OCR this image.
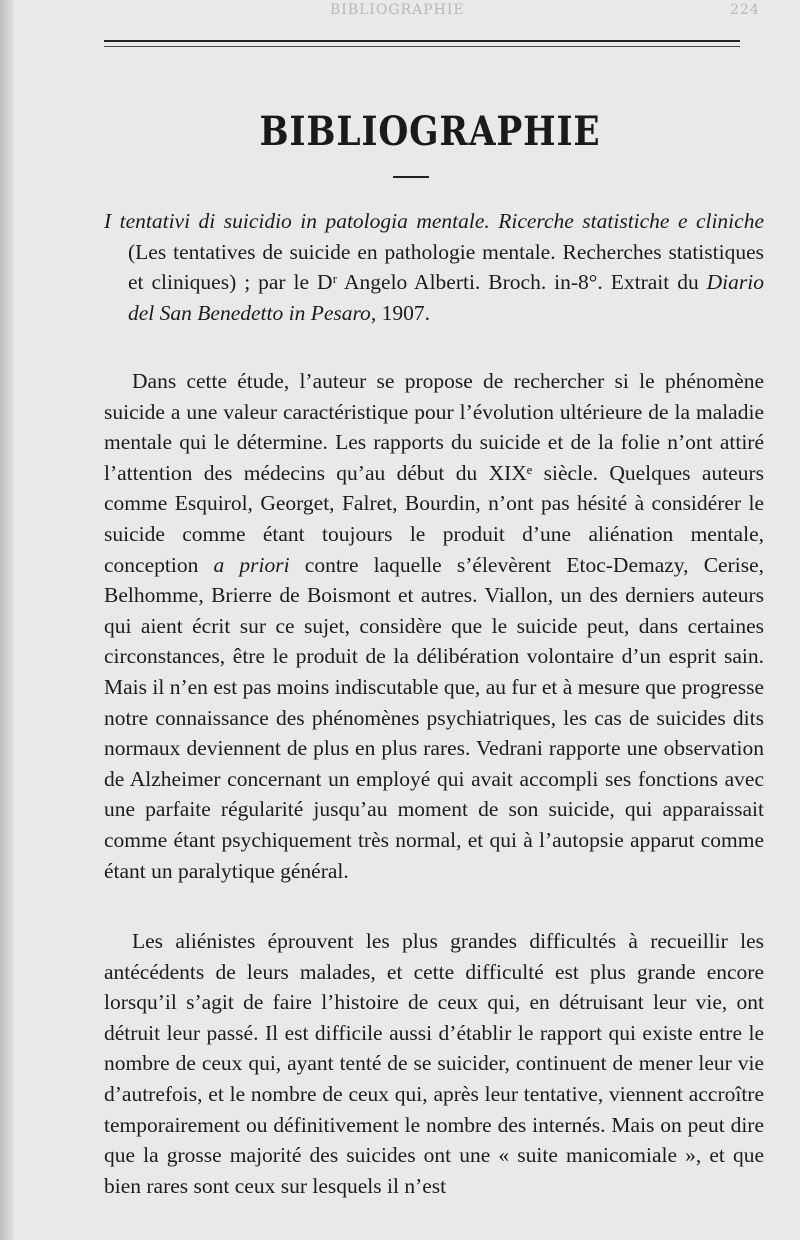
BIBLIOGRAPHIE	224
BIBLIOGRAPHIE

I tentativi di suicidio in patologia mentale. Ricerche statistiche e cliniche (Les tentatives de suicide en pathologie mentale. Recherches statistiques et cliniques) ; par le Dʳ Angelo Alberti. Broch. in-8°. Extrait du Diario del San Benedetto in Pesaro, 1907.

Dans cette étude, l’auteur se propose de rechercher si le phénomène suicide a une valeur caractéristique pour l’évolution ultérieure de la maladie mentale qui le détermine. Les rapports du suicide et de la folie n’ont attiré l’attention des médecins qu’au début du XIXᵉ siècle. Quelques auteurs comme Esquirol, Georget, Falret, Bourdin, n’ont pas hésité à considérer le suicide comme étant toujours le produit d’une aliénation mentale, conception a priori contre laquelle s’élevèrent Etoc-Demazy, Cerise, Belhomme, Brierre de Boismont et autres. Viallon, un des derniers auteurs qui aient écrit sur ce sujet, considère que le suicide peut, dans certaines circonstances, être le produit de la délibération volontaire d’un esprit sain. Mais il n’en est pas moins indiscutable que, au fur et à mesure que progresse notre connaissance des phénomènes psychiatriques, les cas de suicides dits normaux deviennent de plus en plus rares. Vedrani rapporte une observation de Alzheimer concernant un employé qui avait accompli ses fonctions avec une parfaite régularité jusqu’au moment de son suicide, qui apparaissait comme étant psychiquement très normal, et qui à l’autopsie apparut comme étant un paralytique général.

Les aliénistes éprouvent les plus grandes difficultés à recueillir les antécédents de leurs malades, et cette difficulté est plus grande encore lorsqu’il s’agit de faire l’histoire de ceux qui, en détruisant leur vie, ont détruit leur passé. Il est difficile aussi d’établir le rapport qui existe entre le nombre de ceux qui, ayant tenté de se suicider, continuent de mener leur vie d’autrefois, et le nombre de ceux qui, après leur tentative, viennent accroître temporairement ou définitivement le nombre des internés. Mais on peut dire que la grosse majorité des suicides ont une « suite manicomiale », et que bien rares sont ceux sur lesquels il n’est
